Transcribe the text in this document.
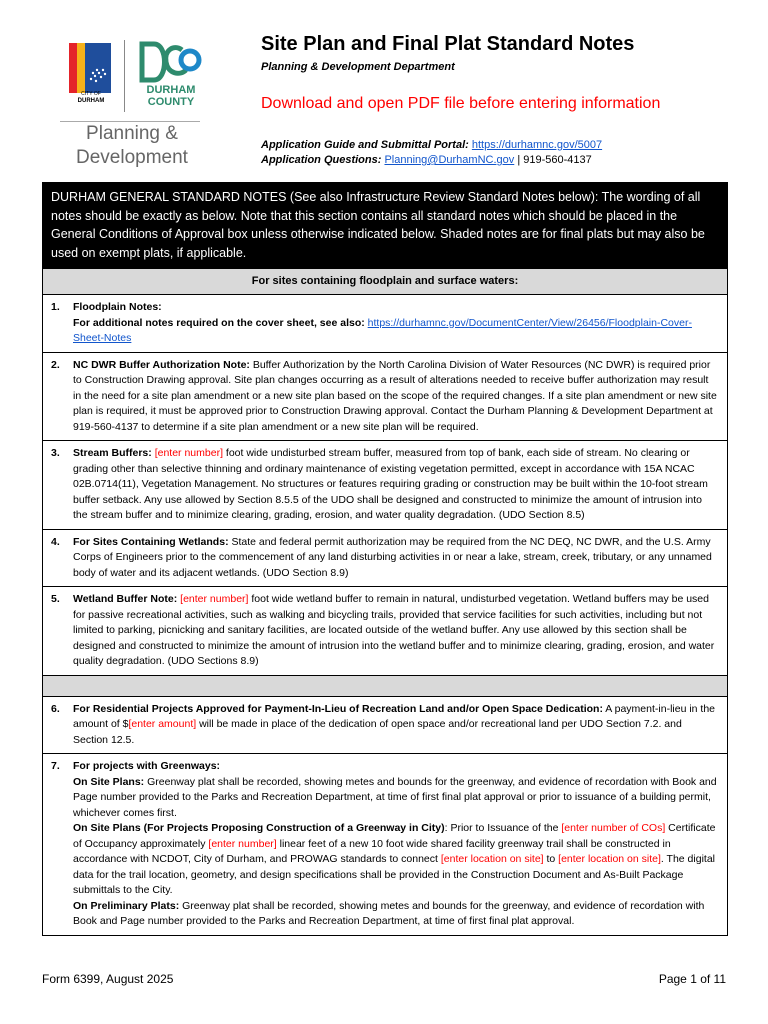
CITY OF
DURHAM
DURHAM
COUNTY
Planning &
Development
Site Plan and Final Plat Standard Notes
Planning & Development Department
Download and open PDF file before entering information
Application Guide and Submittal Portal: https://durhamnc.gov/5007
Application Questions: Planning@DurhamNC.gov | 919-560-4137
DURHAM GENERAL STANDARD NOTES (See also Infrastructure Review Standard Notes below): The wording of all notes should be exactly as below. Note that this section contains all standard notes which should be placed in the General Conditions of Approval box unless otherwise indicated below. Shaded notes are for final plats but may also be used on exempt plats, if applicable.
For sites containing floodplain and surface waters:
1. Floodplain Notes:
For additional notes required on the cover sheet, see also: https://durhamnc.gov/DocumentCenter/View/26456/Floodplain-Cover-Sheet-Notes
2. NC DWR Buffer Authorization Note: Buffer Authorization by the North Carolina Division of Water Resources (NC DWR) is required prior to Construction Drawing approval. Site plan changes occurring as a result of alterations needed to receive buffer authorization may result in the need for a site plan amendment or a new site plan based on the scope of the required changes. If a site plan amendment or new site plan is required, it must be approved prior to Construction Drawing approval. Contact the Durham Planning & Development Department at 919-560-4137 to determine if a site plan amendment or a new site plan will be required.
3. Stream Buffers: [enter number] foot wide undisturbed stream buffer, measured from top of bank, each side of stream. No clearing or grading other than selective thinning and ordinary maintenance of existing vegetation permitted, except in accordance with 15A NCAC 02B.0714(11), Vegetation Management. No structures or features requiring grading or construction may be built within the 10-foot stream buffer setback. Any use allowed by Section 8.5.5 of the UDO shall be designed and constructed to minimize the amount of intrusion into the stream buffer and to minimize clearing, grading, erosion, and water quality degradation. (UDO Section 8.5)
4. For Sites Containing Wetlands: State and federal permit authorization may be required from the NC DEQ, NC DWR, and the U.S. Army Corps of Engineers prior to the commencement of any land disturbing activities in or near a lake, stream, creek, tributary, or any unnamed body of water and its adjacent wetlands. (UDO Section 8.9)
5. Wetland Buffer Note: [enter number] foot wide wetland buffer to remain in natural, undisturbed vegetation. Wetland buffers may be used for passive recreational activities, such as walking and bicycling trails, provided that service facilities for such activities, including but not limited to parking, picnicking and sanitary facilities, are located outside of the wetland buffer. Any use allowed by this section shall be designed and constructed to minimize the amount of intrusion into the wetland buffer and to minimize clearing, grading, erosion, and water quality degradation. (UDO Sections 8.9)
6. For Residential Projects Approved for Payment-In-Lieu of Recreation Land and/or Open Space Dedication: A payment-in-lieu in the amount of $[enter amount] will be made in place of the dedication of open space and/or recreational land per UDO Section 7.2. and Section 12.5.
7. For projects with Greenways:
On Site Plans: Greenway plat shall be recorded, showing metes and bounds for the greenway, and evidence of recordation with Book and Page number provided to the Parks and Recreation Department, at time of first final plat approval or prior to issuance of a building permit, whichever comes first.
On Site Plans (For Projects Proposing Construction of a Greenway in City): Prior to Issuance of the [enter number of COs] Certificate of Occupancy approximately [enter number] linear feet of a new 10 foot wide shared facility greenway trail shall be constructed in accordance with NCDOT, City of Durham, and PROWAG standards to connect [enter location on site] to [enter location on site]. The digital data for the trail location, geometry, and design specifications shall be provided in the Construction Document and As-Built Package submittals to the City.
On Preliminary Plats: Greenway plat shall be recorded, showing metes and bounds for the greenway, and evidence of recordation with Book and Page number provided to the Parks and Recreation Department, at time of first final plat approval.
Form 6399, August 2025	Page 1 of 11
